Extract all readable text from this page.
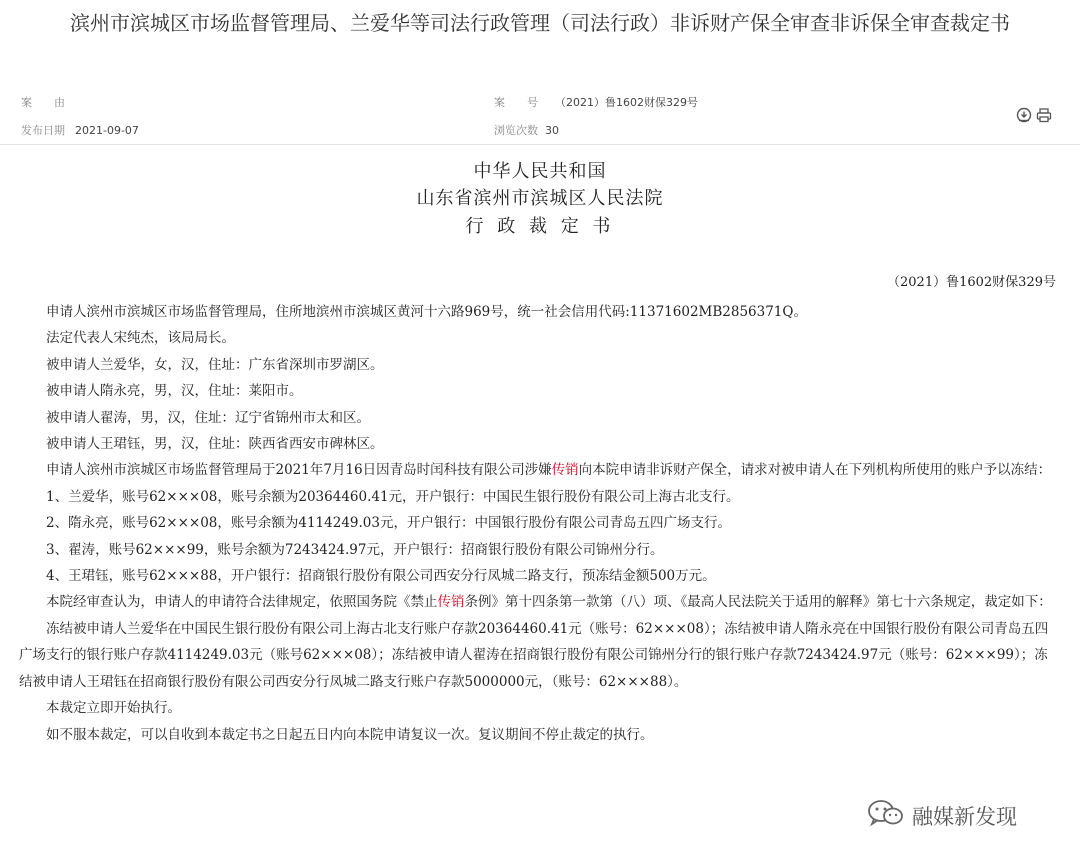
滨州市滨城区市场监督管理局、兰爱华等司法行政管理（司法行政）非诉财产保全审查非诉保全审查裁定书
案　　由	案　　号 （2021）鲁1602财保329号
发布日期 2021-09-07	浏览次数 30
中华人民共和国
山东省滨州市滨城区人民法院
行 政 裁 定 书
（2021）鲁1602财保329号

申请人滨州市滨城区市场监督管理局，住所地滨州市滨城区黄河十六路969号，统一社会信用代码:11371602MB2856371Q。

法定代表人宋纯杰，该局局长。

被申请人兰爱华，女，汉，住址：广东省深圳市罗湖区。

被申请人隋永亮，男，汉，住址：莱阳市。

被申请人翟涛，男，汉，住址：辽宁省锦州市太和区。

被申请人王珺钰，男，汉，住址：陕西省西安市碑林区。

申请人滨州市滨城区市场监督管理局于2021年7月16日因青岛时闰科技有限公司涉嫌传销向本院申请非诉财产保全，请求对被申请人在下列机构所使用的账户予以冻结：

1、兰爱华，账号62×××08，账号余额为20364460.41元，开户银行：中国民生银行股份有限公司上海古北支行。

2、隋永亮，账号62×××08，账号余额为4114249.03元，开户银行：中国银行股份有限公司青岛五四广场支行。

3、翟涛，账号62×××99，账号余额为7243424.97元，开户银行：招商银行股份有限公司锦州分行。

4、王珺钰，账号62×××88，开户银行：招商银行股份有限公司西安分行凤城二路支行，预冻结金额500万元。

本院经审查认为，申请人的申请符合法律规定，依照国务院《禁止传销条例》第十四条第一款第（八）项、《最高人民法院关于适用的解释》第七十六条规定，裁定如下：

冻结被申请人兰爱华在中国民生银行股份有限公司上海古北支行账户存款20364460.41元（账号：62×××08）；冻结被申请人隋永亮在中国银行股份有限公司青岛五四广场支行的银行账户存款4114249.03元（账号62×××08）；冻结被申请人翟涛在招商银行股份有限公司锦州分行的银行账户存款7243424.97元（账号：62×××99）；冻结被申请人王珺钰在招商银行股份有限公司西安分行凤城二路支行账户存款5000000元，（账号：62×××88）。

本裁定立即开始执行。

如不服本裁定，可以自收到本裁定书之日起五日内向本院申请复议一次。复议期间不停止裁定的执行。

融媒新发现
